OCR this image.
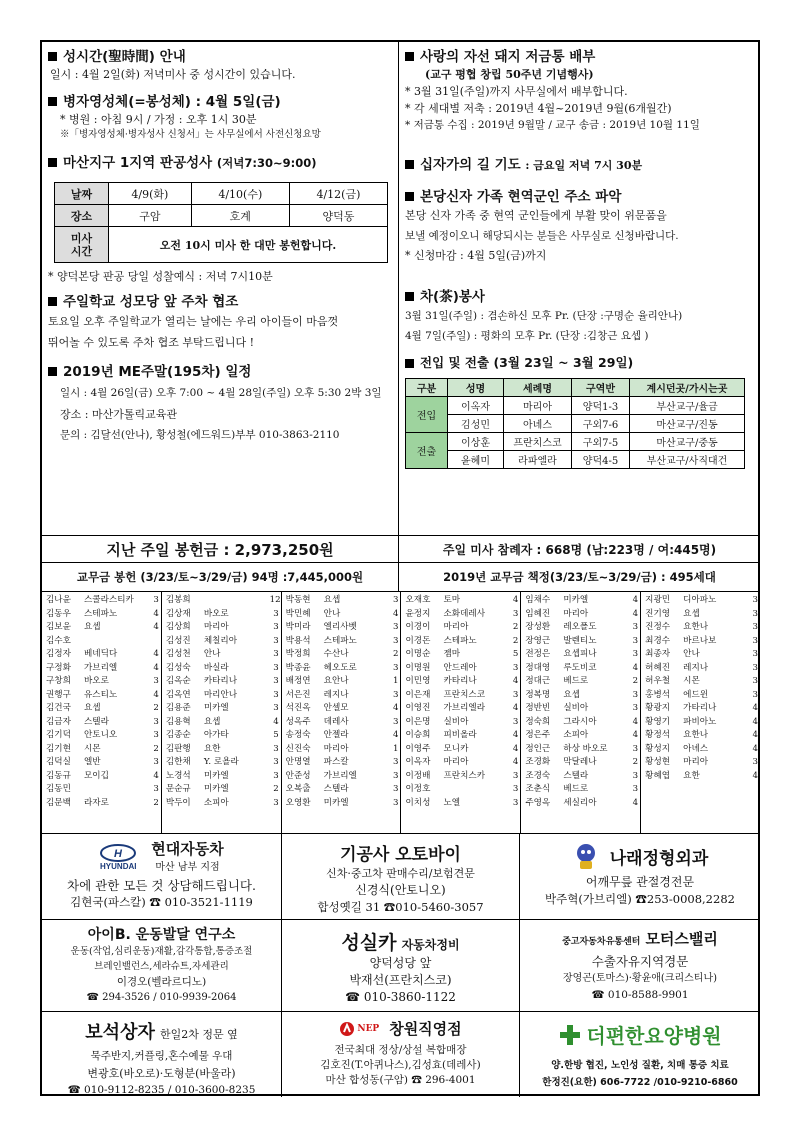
성시간(聖時間) 안내
일시 : 4월 2일(화) 저녁미사 중 성시간이 있습니다.
병자영성체(=봉성체) : 4월 5일(금)
* 병원 : 아침 9시 / 가정 : 오후 1시 30분
※「병자영성체·병자성사 신청서」는 사무실에서 사전신청요망
마산지구 1지역 판공성사 (저녁7:30~9:00)
날짜	4/9(화)	4/10(수)	4/12(금)
장소	구암	호계	양덕동
미사
시간	오전 10시 미사 한 대만 봉헌합니다.		
* 양덕본당 판공 당일 성찰예식 : 저녁 7시10분
주일학교 성모당 앞 주차 협조
토요일 오후 주일학교가 열리는 날에는 우리 아이들이 마음껏
뛰어놀 수 있도록 주차 협조 부탁드립니다 !
2019년 ME주말(195차) 일정
일시 : 4월 26일(금) 오후 7:00 ~ 4월 28일(주일) 오후 5:30 2박 3일
장소 : 마산가톨릭교육관
문의 : 김달선(안나), 황성철(에드워드)부부 010-3863-2110
사랑의 자선 돼지 저금통 배부
(교구 평협 창립 50주년 기념행사)
* 3월 31일(주일)까지 사무실에서 배부합니다.
* 각 세대별 저축 : 2019년 4월~2019년 9월(6개월간)
* 저금통 수집 : 2019년 9월말 / 교구 송금 : 2019년 10월 11일
십자가의 길 기도 : 금요일 저녁 7시 30분
본당신자 가족 현역군인 주소 파악
본당 신자 가족 중 현역 군인들에게 부활 맞이 위문품을
보낼 예정이오니 해당되시는 분들은 사무실로 신청바랍니다.
* 신청마감 : 4월 5일(금)까지
차(茶)봉사
3월 31일(주일) : 겸손하신 모후 Pr. (단장 :구명순 율리안나)
4월 7일(주일) : 평화의 모후 Pr. (단장 :김창근 요셉 )
전입 및 전출 (3월 23일 ~ 3월 29일)
구분	성명	세례명	구역반	계시던곳/가시는곳
전입	이옥자	마리아	양덕1-3	부산교구/율금
	김성민	아녜스	구외7-6	마산교구/진동
전출	이상훈	프란치스코	구외7-5	마산교구/중동
	윤혜미	라파엘라	양덕4-5	부산교구/사직대건
지난 주일 봉헌금 : 2,973,250원	주일 미사 참례자 : 668명 (남:223명 / 여:445명)
교무금 봉헌 (3/23/토~3/29/금) 94명 :7,445,000원	2019년 교무금 책정(3/23/토~3/29/금) : 495세대
김나윤	스콜라스티카	3
김동우	스테파노	4
김보윤	요셉	4
김수호
김정자	베네딕다	4
구정화	가브리엘	4
구창희	바오로	3
권행구	유스티노	4
김건국	요셉	2
김금자	스텔라	3
김기덕	안토니오	3
김기현	시몬	2
김덕실	엘반	3
김동규	모이깁	4
김동민	3
김문백	라자로	2
김봉희	12
김상재	바오로	3
김상희	마리아	3
김성진	체칠리아	3
김성천	안나	3
김성숙	바실라	3
김옥순	카타리나	3
김옥연	마리안나	3
김용준	미카엘	3
김용혁	요셉	4
김종순	아가타	5
김판행	요한	3
김한채	Y. 로욜라	3
노경석	미카엘	3
문순규	미카엘	2
박두이	소피아	3
박동현	요셉	3
박민혜	안나	4
박미라	엘리사벳	3
박용석	스테파노	3
박정희	수산나	2
박종윤	헤오도로	3
배정연	요안나	1
서은진	레지나	3
석진옥	안셀모	4
성옥주	데레사	3
송정숙	안젤라	4
신진숙	마리아	1
안명열	파스칼	3
안준성	가브리엘	3
오복출	스텔라	3
오영환	미카엘	3
오재호	토마	4
윤정지	소화데레사	3
이경이	마리아	2
이경돈	스테파노	2
이명순	젬마	5
이명원	안드레아	3
이민영	카타리나	4
이은재	프란치스코	3
이영진	가브리엘라	4
이은명	실비아	3
이승희	피비올라	4
이영주	모니카	4
이옥자	마리아	4
이정배	프란치스카	3
이정호	3
이치성	노엘	3
임채수	미카엘	4
임혜진	마리아	4
장성환	레오폴도	3
장영근	발렌티노	3
전정은	요셉피나	3
정대영	루도비코	4
정대근	베드로	2
정복명	요셉	3
정반빈	실비아	3
정숙희	그라시아	4
정은주	소피아	4
정인근	하상 바오로	3
조경화	막달레나	2
조경숙	스텔라	3
조춘식	베드로	3
주영옥	세실리아	4
지광민	디아파노	3
진기영	요셉	3
진정수	요한나	3
최경수	바르나보	3
최종자	안나	3
허혜진	레지나	3
허우철	시몬	3
홍병석	에드윈	3
황광지	가타리나	4
황영기	파비아노	4
황정석	요한나	4
황성지	아녜스	4
황성현	마리아	3
황혜엽	요한	4
H
HYUNDAI
현대자동차
마산 남부 지점
차에 관한 모든 것 상담해드립니다.
김현국(파스칼) ☎ 010-3521-1119
기공사 오토바이
신차·중고차 판매수리/보험견문
신경식(안토니오)
합성옛길 31 ☎010-5460-3057
나래정형외과
어깨무릎 관절경전문
박주혁(가브리엘) ☎253-0008,2282
아이B. 운동발달 연구소
운동(작업,심리운동)재활,감각통합,통증조절
브레인밸런스,세라슈트,자세관리
이경오(벨라르디노)
☎ 294-3526 / 010-9939-2064
성실카 자동차정비
양덕성당 앞
박재선(프란치스코)
☎ 010-3860-1122
중고자동차유통센터 모터스밸리
수출자유지역경문
장영곤(토마스)·황윤애(크리스티나)
☎ 010-8588-9901
보석상자 한일2차 정문 옆
묵주반지,커플링,혼수예물 우대
변광호(바오로)·도형분(바울라)
☎ 010-9112-8235 / 010-3600-8235
NEP 창원직영점
전국최대 정상/상설 복합매장
김호진(T.아퀴나스),김성효(데레사)
마산 합성동(구암) ☎ 296-4001
더편한요양병원
양.한방 협진, 노인성 질환, 치매 통증 치료
한정진(요한) 606-7722 /010-9210-6860
